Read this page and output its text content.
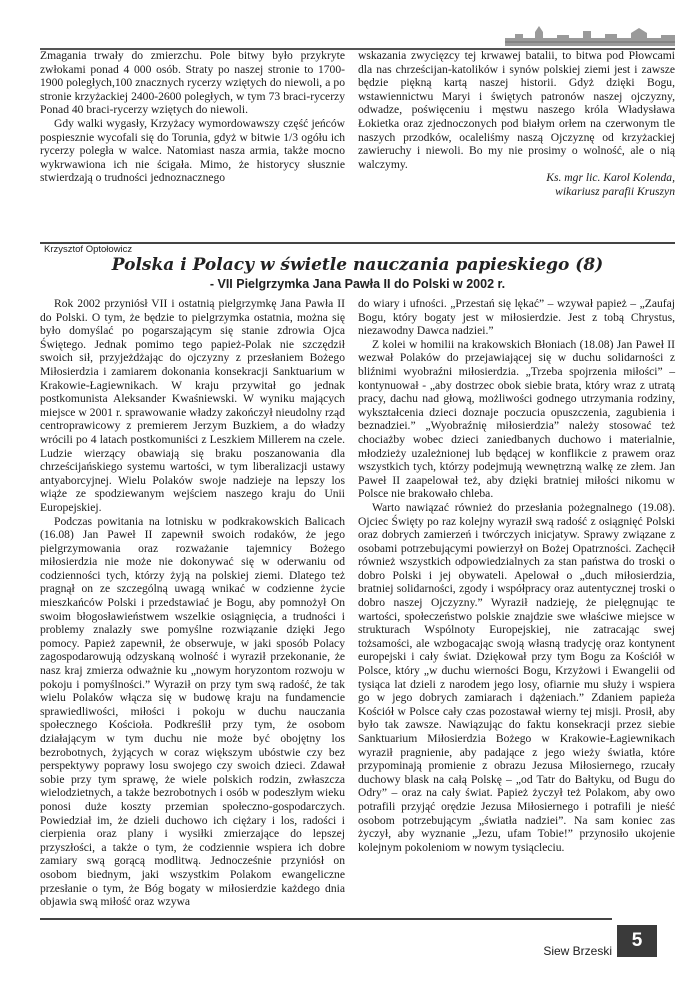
Zmagania trwały do zmierzchu. Pole bitwy było przykryte zwłokami ponad 4 000 osób. Straty po naszej stronie to 1700-1900 poległych,100 znacznych rycerzy wziętych do niewoli, a po stronie krzyżackiej 2400-2600 poległych, w tym 73 braci-rycerzy Ponad 40 braci-rycerzy wziętych do niewoli.

Gdy walki wygasły, Krzyżacy wymordowawszy część jeńców pospiesznie wycofali się do Torunia, gdyż w bitwie 1/3 ogółu ich rycerzy poległa w walce. Natomiast nasza armia, także mocno wykrwawiona ich nie ścigała. Mimo, że historycy słusznie stwierdzają o trudności jednoznacznego

wskazania zwycięzcy tej krwawej batalii, to bitwa pod Płowcami dla nas chrześcijan-katolików i synów polskiej ziemi jest i zawsze będzie piękną kartą naszej historii. Gdyż dzięki Bogu, wstawiennictwu Maryi i świętych patronów naszej ojczyzny, odwadze, poświęceniu i męstwu naszego króla Władysława Łokietka oraz zjednoczonych pod białym orłem na czerwonym tle naszych przodków, ocaleliśmy naszą Ojczyznę od krzyżackiej zawieruchy i niewoli. Bo my nie prosimy o wolność, ale o nią walczymy.

Ks. mgr lic. Karol Kolenda,

wikariusz parafii Kruszyn

Krzysztof Optołowicz
Polska i Polacy w świetle nauczania papieskiego (8)
- VII Pielgrzymka Jana Pawła II do Polski w 2002 r.

Rok 2002 przyniósł VII i ostatnią pielgrzymkę Jana Pawła II do Polski. O tym, że będzie to pielgrzymka ostatnia, można się było domyślać po pogarszającym się stanie zdrowia Ojca Świętego. Jednak pomimo tego papież-Polak nie szczędził swoich sił, przyjeżdżając do ojczyzny z przesłaniem Bożego Miłosierdzia i zamiarem dokonania konsekracji Sanktuarium w Krakowie-Łagiewnikach. W kraju przywitał go jednak postkomunista Aleksander Kwaśniewski. W wyniku mających miejsce w 2001 r. sprawowanie władzy zakończył nieudolny rząd centroprawicowy z premierem Jerzym Buzkiem, a do władzy wrócili po 4 latach postkomuniści z Leszkiem Millerem na czele. Ludzie wierzący obawiają się braku poszanowania dla chrześcijańskiego systemu wartości, w tym liberalizacji ustawy antyaborcyjnej. Wielu Polaków swoje nadzieje na lepszy los wiąże ze spodziewanym wejściem naszego kraju do Unii Europejskiej.

Podczas powitania na lotnisku w podkrakowskich Balicach (16.08) Jan Paweł II zapewnił swoich rodaków, że jego pielgrzymowania oraz rozważanie tajemnicy Bożego miłosierdzia nie może nie dokonywać się w oderwaniu od codzienności tych, którzy żyją na polskiej ziemi. Dlatego też pragnął on ze szczególną uwagą wnikać w codzienne życie mieszkańców Polski i przedstawiać je Bogu, aby pomnożył On swoim błogosławieństwem wszelkie osiągnięcia, a trudności i problemy znalazły swe pomyślne rozwiązanie dzięki Jego pomocy. Papież zapewnił, że obserwuje, w jaki sposób Polacy zagospodarowują odzyskaną wolność i wyraził przekonanie, że nasz kraj zmierza odważnie ku „nowym horyzontom rozwoju w pokoju i pomyślności.” Wyraził on przy tym swą radość, że tak wielu Polaków włącza się w budowę kraju na fundamencie sprawiedliwości, miłości i pokoju w duchu nauczania społecznego Kościoła. Podkreślił przy tym, że osobom działającym w tym duchu nie może być obojętny los bezrobotnych, żyjących w coraz większym ubóstwie czy bez perspektywy poprawy losu swojego czy swoich dzieci. Zdawał sobie przy tym sprawę, że wiele polskich rodzin, zwłaszcza wielodzietnych, a także bezrobotnych i osób w podeszłym wieku ponosi duże koszty przemian społeczno-gospodarczych. Powiedział im, że dzieli duchowo ich ciężary i los, radości i cierpienia oraz plany i wysiłki zmierzające do lepszej przyszłości, a także o tym, że codziennie wspiera ich dobre zamiary swą gorącą modlitwą. Jednocześnie przyniósł on osobom biednym, jaki wszystkim Polakom ewangeliczne przesłanie o tym, że Bóg bogaty w miłosierdzie każdego dnia objawia swą miłość oraz wzywa

do wiary i ufności. „Przestań się lękać” – wzywał papież – „Zaufaj Bogu, który bogaty jest w miłosierdzie. Jest z tobą Chrystus, niezawodny Dawca nadziei.”

Z kolei w homilii na krakowskich Błoniach (18.08) Jan Paweł II wezwał Polaków do przejawiającej się w duchu solidarności z bliźnimi wyobraźni miłosierdzia. „Trzeba spojrzenia miłości” – kontynuował - „aby dostrzec obok siebie brata, który wraz z utratą pracy, dachu nad głową, możliwości godnego utrzymania rodziny, wykształcenia dzieci doznaje poczucia opuszczenia, zagubienia i beznadziei.” „Wyobraźnię miłosierdzia” należy stosować też chociażby wobec dzieci zaniedbanych duchowo i materialnie, młodzieży uzależnionej lub będącej w konflikcie z prawem oraz wszystkich tych, którzy podejmują wewnętrzną walkę ze złem. Jan Paweł II zaapelował też, aby dzięki bratniej miłości nikomu w Polsce nie brakowało chleba.

Warto nawiązać również do przesłania pożegnalnego (19.08). Ojciec Święty po raz kolejny wyraził swą radość z osiągnięć Polski oraz dobrych zamierzeń i twórczych inicjatyw. Sprawy związane z osobami potrzebującymi powierzył on Bożej Opatrzności. Zachęcił również wszystkich odpowiedzialnych za stan państwa do troski o dobro Polski i jej obywateli. Apelował o „duch miłosierdzia, bratniej solidarności, zgody i współpracy oraz autentycznej troski o dobro naszej Ojczyzny.” Wyraził nadzieję, że pielęgnując te wartości, społeczeństwo polskie znajdzie swe właściwe miejsce w strukturach Wspólnoty Europejskiej, nie zatracając swej tożsamości, ale wzbogacając swoją własną tradycję oraz kontynent europejski i cały świat. Dziękował przy tym Bogu za Kościół w Polsce, który „w duchu wierności Bogu, Krzyżowi i Ewangelii od tysiąca lat dzieli z narodem jego losy, ofiarnie mu służy i wspiera go w jego dobrych zamiarach i dążeniach.” Zdaniem papieża Kościół w Polsce cały czas pozostawał wierny tej misji. Prosił, aby było tak zawsze. Nawiązując do faktu konsekracji przez siebie Sanktuarium Miłosierdzia Bożego w Krakowie-Łagiewnikach wyraził pragnienie, aby padające z jego wieży światła, które przypominają promienie z obrazu Jezusa Miłosiernego, rzucały duchowy blask na całą Polskę – „od Tatr do Bałtyku, od Bugu do Odry” – oraz na cały świat. Papież życzył też Polakom, aby owo potrafili przyjąć orędzie Jezusa Miłosiernego i potrafili je nieść osobom potrzebującym „światła nadziei”. Na sam koniec zas życzył, aby wyznanie „Jezu, ufam Tobie!” przynosiło ukojenie kolejnym pokoleniom w nowym tysiącleciu.

Siew Brzeski	5
